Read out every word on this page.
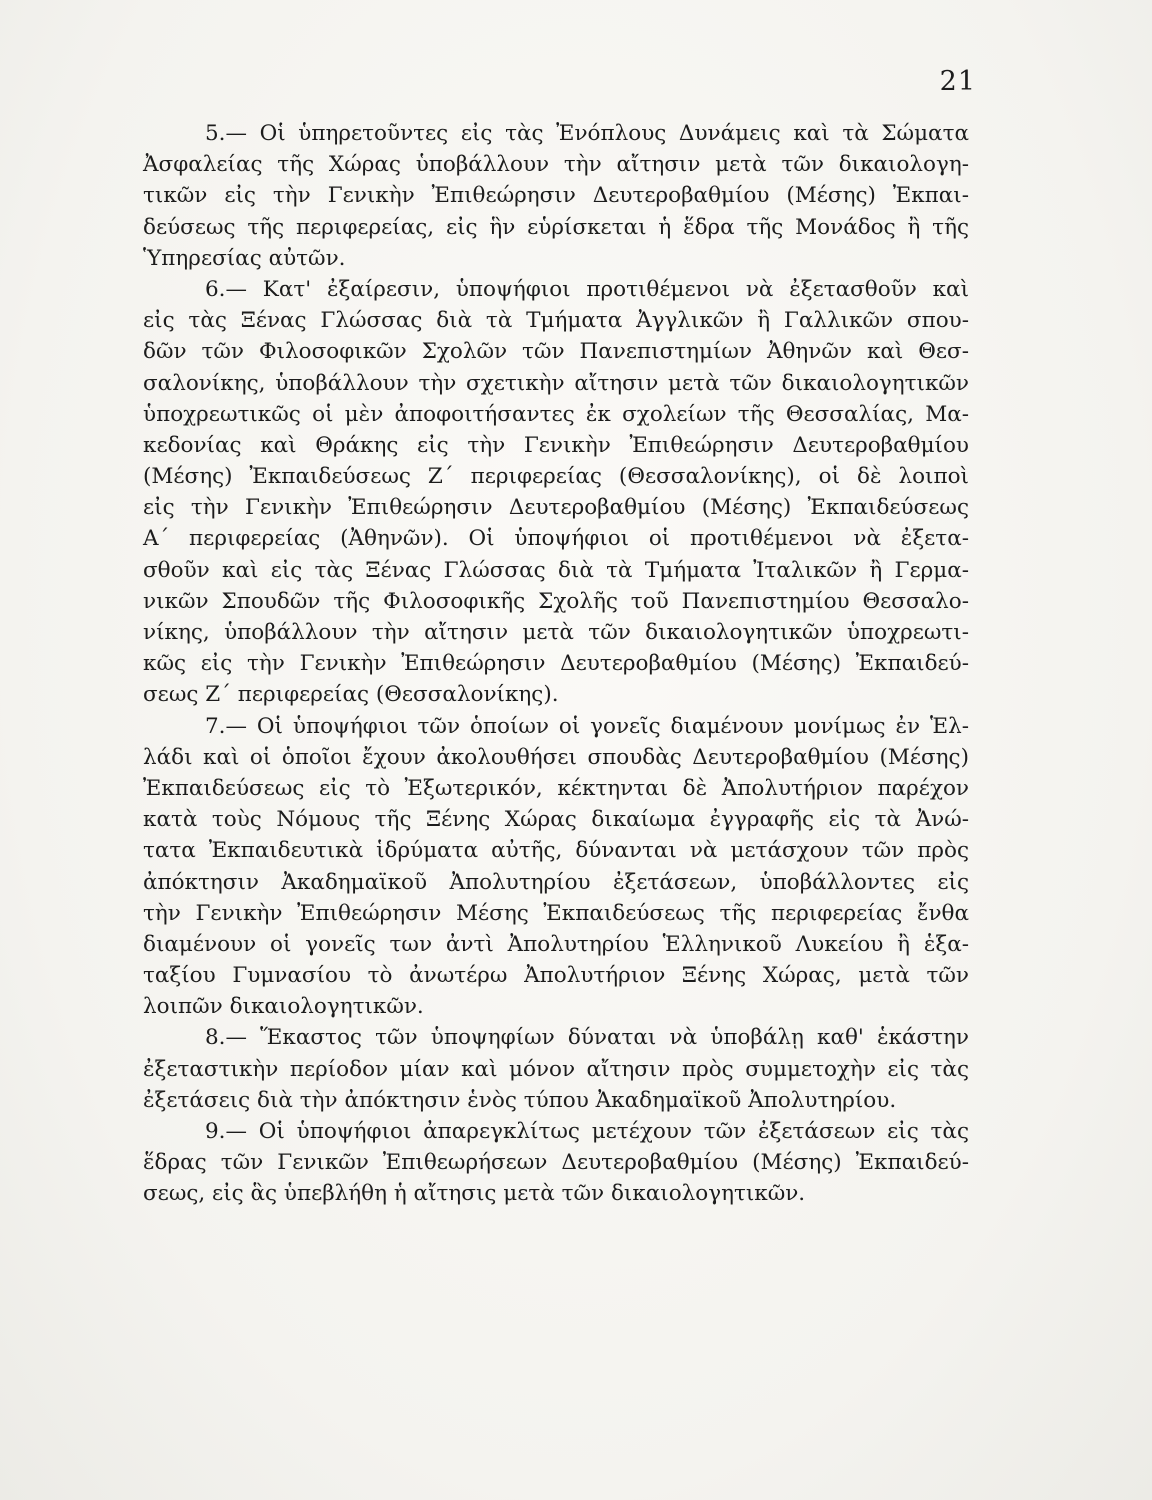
21
5.— Οἱ ὑπηρετοῦντες εἰς τὰς Ἐνόπλους Δυνάμεις καὶ τὰ Σώματα
Ἀσφαλείας τῆς Χώρας ὑποβάλλουν τὴν αἴτησιν μετὰ τῶν δικαιολογη-
τικῶν εἰς τὴν Γενικὴν Ἐπιθεώρησιν Δευτεροβαθμίου (Μέσης) Ἐκπαι-
δεύσεως τῆς περιφερείας, εἰς ἣν εὑρίσκεται ἡ ἕδρα τῆς Μονάδος ἢ τῆς
Ὑπηρεσίας αὐτῶν.
6.— Κατ' ἐξαίρεσιν, ὑποψήφιοι προτιθέμενοι νὰ ἐξετασθοῦν καὶ
εἰς τὰς Ξένας Γλώσσας διὰ τὰ Τμήματα Ἀγγλικῶν ἢ Γαλλικῶν σπου-
δῶν τῶν Φιλοσοφικῶν Σχολῶν τῶν Πανεπιστημίων Ἀθηνῶν καὶ Θεσ-
σαλονίκης, ὑποβάλλουν τὴν σχετικὴν αἴτησιν μετὰ τῶν δικαιολογητικῶν
ὑποχρεωτικῶς οἱ μὲν ἀποφοιτήσαντες ἐκ σχολείων τῆς Θεσσαλίας, Μα-
κεδονίας καὶ Θράκης εἰς τὴν Γενικὴν Ἐπιθεώρησιν Δευτεροβαθμίου
(Μέσης) Ἐκπαιδεύσεως Ζ΄ περιφερείας (Θεσσαλονίκης), οἱ δὲ λοιποὶ
εἰς τὴν Γενικὴν Ἐπιθεώρησιν Δευτεροβαθμίου (Μέσης) Ἐκπαιδεύσεως
Α΄ περιφερείας (Ἀθηνῶν). Οἱ ὑποψήφιοι οἱ προτιθέμενοι νὰ ἐξετα-
σθοῦν καὶ εἰς τὰς Ξένας Γλώσσας διὰ τὰ Τμήματα Ἰταλικῶν ἢ Γερμα-
νικῶν Σπουδῶν τῆς Φιλοσοφικῆς Σχολῆς τοῦ Πανεπιστημίου Θεσσαλο-
νίκης, ὑποβάλλουν τὴν αἴτησιν μετὰ τῶν δικαιολογητικῶν ὑποχρεωτι-
κῶς εἰς τὴν Γενικὴν Ἐπιθεώρησιν Δευτεροβαθμίου (Μέσης) Ἐκπαιδεύ-
σεως Ζ΄ περιφερείας (Θεσσαλονίκης).
7.— Οἱ ὑποψήφιοι τῶν ὁποίων οἱ γονεῖς διαμένουν μονίμως ἐν Ἑλ-
λάδι καὶ οἱ ὁποῖοι ἔχουν ἀκολουθήσει σπουδὰς Δευτεροβαθμίου (Μέσης)
Ἐκπαιδεύσεως εἰς τὸ Ἐξωτερικόν, κέκτηνται δὲ Ἀπολυτήριον παρέχον
κατὰ τοὺς Νόμους τῆς Ξένης Χώρας δικαίωμα ἐγγραφῆς εἰς τὰ Ἀνώ-
τατα Ἐκπαιδευτικὰ ἱδρύματα αὐτῆς, δύνανται νὰ μετάσχουν τῶν πρὸς
ἀπόκτησιν Ἀκαδημαϊκοῦ Ἀπολυτηρίου ἐξετάσεων, ὑποβάλλοντες εἰς
τὴν Γενικὴν Ἐπιθεώρησιν Μέσης Ἐκπαιδεύσεως τῆς περιφερείας ἔνθα
διαμένουν οἱ γονεῖς των ἀντὶ Ἀπολυτηρίου Ἑλληνικοῦ Λυκείου ἢ ἑξα-
ταξίου Γυμνασίου τὸ ἀνωτέρω Ἀπολυτήριον Ξένης Χώρας, μετὰ τῶν
λοιπῶν δικαιολογητικῶν.
8.— Ἕκαστος τῶν ὑποψηφίων δύναται νὰ ὑποβάλῃ καθ' ἑκάστην
ἐξεταστικὴν περίοδον μίαν καὶ μόνον αἴτησιν πρὸς συμμετοχὴν εἰς τὰς
ἐξετάσεις διὰ τὴν ἀπόκτησιν ἑνὸς τύπου Ἀκαδημαϊκοῦ Ἀπολυτηρίου.
9.— Οἱ ὑποψήφιοι ἀπαρεγκλίτως μετέχουν τῶν ἐξετάσεων εἰς τὰς
ἕδρας τῶν Γενικῶν Ἐπιθεωρήσεων Δευτεροβαθμίου (Μέσης) Ἐκπαιδεύ-
σεως, εἰς ἃς ὑπεβλήθη ἡ αἴτησις μετὰ τῶν δικαιολογητικῶν.
